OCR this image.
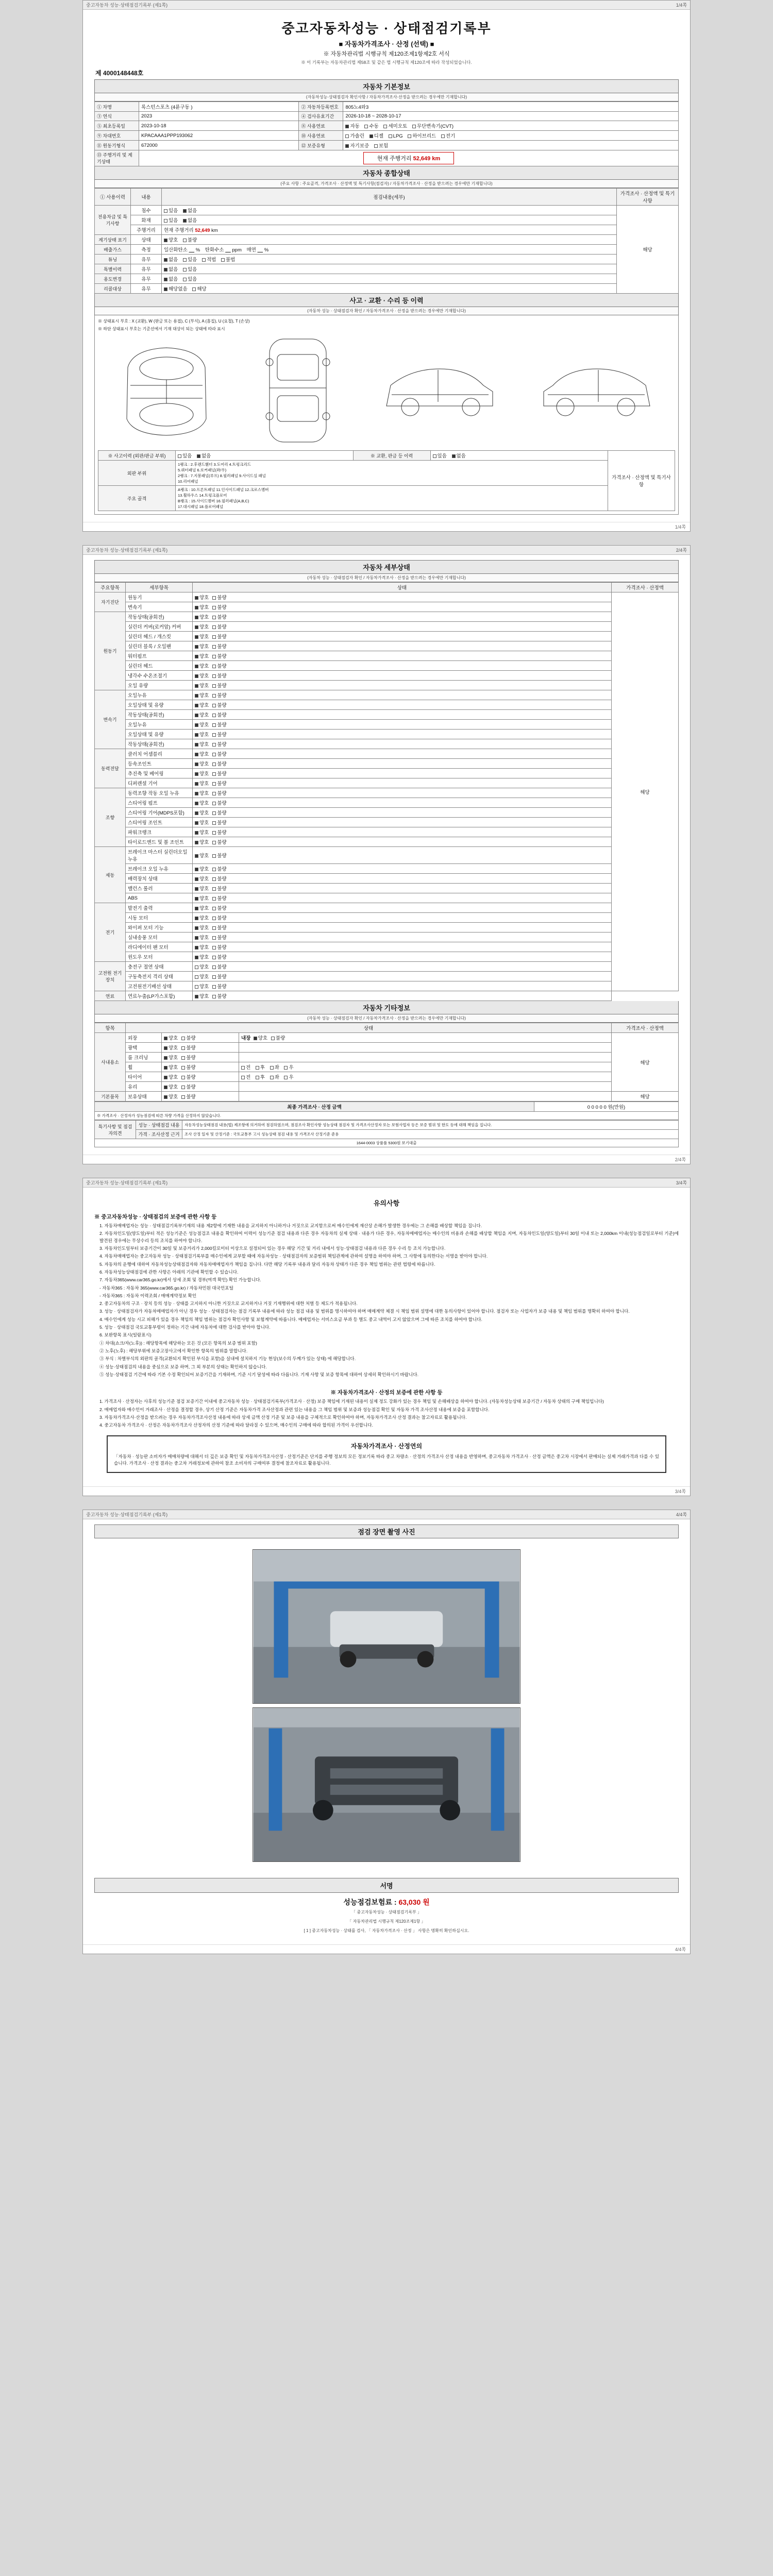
중고자동차 성능·상태점검기록부 (제1쪽)	1/4쪽
중고자동차성능 · 상태점검기록부
■ 자동차가격조사 · 산정 (선택) ■
※ 자동차관리법 시행규칙 제120조제1항제2호 서식
※ 이 기록부는 자동차관리법 제58조 및 같은 법 시행규칙 제120조에 따라 작성되었습니다.
제 4000148448호
자동차 기본정보
(자동차성능·상태점검자 확인사항 / 자동차가격조사·산정을 받으려는 경우에만 기재합니다)
① 차명	록스턴스포츠 (4륜구동 )	② 자동차등록번호	805노4와3
③ 연식	2023	④ 검사유효기간	2026-10-18 ~ 2028-10-17
⑤ 최초등록일	2023-10-18	⑧ 사용연료	자동 수동 세미오토 무단변속기(CVT)
⑨ 차대번호	KPACAAA1PPP193062	⑩ 사용연료	가솔린 디젤 LPG 하이브리드 전기
⑪ 원동기형식	672000	⑫ 보증유형	자기보증 보험
⑬ 주행거리 및 계기상태	현재 주행거리 52,649 km		
자동차 종합상태
(주요 사항 : 주요골격, 가격조사 · 산정액 및 특기사항(점검자) / 자동차가격조사 · 산정을 받으려는 경우에만 기재합니다)
① 사용이력	내용	점검내용(세부)	가격조사 · 산정액 및 특기사항
전용차급 및 특기사항	침수	있음 없음	해당
	화재	있음 없음	
	주행거리	현재 주행거리 52,649 km	
계기상태 표기	상태	양호 불량	
배출가스	측정	일산화탄소      % 탄화수소      ppm 매연      %	
튜닝	유무	없음 있음 적법 불법	
특별이력	유무	없음 있음	
용도변경	유무	없음 있음	
리콜대상	유무	해당없음 해당	
사고 · 교환 · 수리 등 이력
(자동차 성능 · 상태점검자 확인 / 자동차가격조사 · 산정을 받으려는 경우에만 기재합니다)
※ 상태표시 부호 : X (교환), W (판금 또는 용접), C (부식), A (흠집), U (요철), T (손상)
※ 하단 상태표시 부호는 기준선에서 기재 대상이 되는 상태에 따라 표시
※ 사고이력 (외판/판금 부위)	있음 없음	※ 교환, 판금 등 이력	있음 없음	가격조사 · 산정액 및 특기사항
외판 부위	1랭크 : 2.후렌드휀더 3.도어리 4.트렁크리드
5.쿼터패널 6.로커패널(좌/우)
2랭크 : 7.지붕패널(루프) 8.필러패널 9.사이드실 패널
10.리어패널			

주요 골격	A랭크 : 10.프론트패널 11.인사이드패널 12.크로스멤버
13.휠하우스 14.트렁크플로어
B랭크 : 15.사이드멤버 16.필러패널(A,B,C)
17.대시패널 18.플로어패널			
1/4쪽
중고자동차 성능·상태점검기록부 (제1쪽)	2/4쪽
자동차 세부상태
(자동차 성능 · 상태점검자 확인 / 자동차가격조사 · 산정을 받으려는 경우에만 기재합니다)
주요항목	세부항목	상태	가격조사 · 산정액
자기진단	원동기	양호 불량	해당
	변속기	양호 불량	
원동기	작동상태(공회전)	양호 불량	
	실린더 커버(로커암) 커버	양호 불량	
	실린더 헤드 / 개스킷	양호 불량	
	실린더 블록 / 오일팬	양호 불량	
	워터펌프	양호 불량	
	실린더 헤드	양호 불량	
	냉각수 수온조절기	양호 불량	
	오일 유량	양호 불량	
변속기	오일누유	양호 불량	
	오일상태 및 유량	양호 불량	
	작동상태(공회전)	양호 불량	
	오일누유	양호 불량	
	오일상태 및 유량	양호 불량	
	작동상태(공회전)	양호 불량	
동력전달	클러치 어셈블리	양호 불량	
	등속조인트	양호 불량	
	추진축 및 베어링	양호 불량	
	디퍼렌셜 기어	양호 불량	
조향	동력조향 작동 오일 누유	양호 불량	
	스티어링 펌프	양호 불량	
	스티어링 기어(MDPS포함)	양호 불량	
	스티어링 조인트	양호 불량	
	파워크랭크	양호 불량	
	타이로드엔드 및 볼 조인트	양호 불량	
제동	브레이크 마스터 실린더오일 누유	양호 불량	
	브레이크 오일 누유	양호 불량	
	배력장치 상태	양호 불량	
	밸런스 롤러	양호 불량	
	ABS	양호 불량	
전기	발전기 출력	양호 불량	
	시동 모터	양호 불량	
	와이퍼 모터 기능	양호 불량	
	실내송풍 모터	양호 불량	
	라디에이터 팬 모터	양호 불량	
	윈도우 모터	양호 불량	
고전원 전기장치	충전구 절연 상태	양호 불량	
	구동축전지 격리 상태	양호 불량	
	고전원전기배선 상태	양호 불량	
연료	연료누출(LP가스포함)	양호 불량	
자동차 기타정보
(자동차 성능 · 상태점검자 확인 / 자동차가격조사 · 산정을 받으려는 경우에만 기재합니다)
항목	상태			가격조사 · 산정액
사내용소	외장	양호 불량	내장 양호 불량	해당
	광택	양호 불량		
	룸 크리닝	양호 불량		
	휠	양호 불량	전 후 좌 우	
	타이어	양호 불량	전 후 좌 우	
	유리	양호 불량		
기본품목	보유상태	양호 불량		해당
최종 가격조사 · 산정 금액	0 0 0 0 0 원(만원)
※ 가격조사 · 산정자가 성능점검에 따른 차량 가격을 산정하지 않았습니다.
특기사항 및 점검자의견	성능 · 상태점검 내용	자동차성능상태점검 내용(법) 제조항에 의거하여 점검하였으며, 점검조사 확인사항 성능상태 점검자 및 가격조사산정자 또는 보험사업자 등은 보증 범위 및 한도 등에 대해 책임을 집니다.
	가격 · 조사산정 근거	조사 산정 일자 및 산정기준 : 국토교통부 고시 성능상태 점검 내용 및 가격조사 산정기준 준용
1644-0003 상품품 5300원 보기대출		
2/4쪽
중고자동차 성능·상태점검기록부 (제1쪽)	3/4쪽
유의사항
※ 중고자동차성능 · 상태점검의 보증에 관한 사항 등
1. 자동차매매업자는 성능 · 상태점검기록부기재의 내용 제2항에 기재한 내용을 교지하지 아니하거나 거짓으로 교지함으로써 매수인에게 재산상 손해가 발생한 경우에는 그 손해를 배상할 책임을 집니다.
2. 자동차인도일(양도일)부터 적은 성능기준은 성능점검조 내용을 확인하여 이력이 성능기준 점검 내용과 다른 경우 자동차의 실제 상태 · 내용가 다른 경우, 자동차매매업자는 매수인의 비용과 손해를 배상할 책임을 지며, 자동차인도일(양도일)부터 30일 이내 또는 2,000km 이내(성능점검일로부터 기준)에 발견된 경우에는 무상수리 등의 조치를 하여야 합니다.
3. 자동차인도일부터 보증기간이 30일 및 보증거리가 2,000킬로미터 이상으로 설정되어 있는 경우 해당 기간 및 거리 내에서 성능·상태점검 내용과 다른 경우 수리 등 조치 가능합니다.
4. 자동차매매업자는 중고자동차 성능 · 상태점검기록부를 매수인에게 교부할 때에 자동차성능 · 상태점검자의 보증범위 책임관계에 관하여 설명을 하여야 하며, 그 사항에 동의한다는 서명을 받아야 합니다.
5. 자동차의 운행에 대하여 자동차성능상태점검자와 자동차매매업자가 책임을 집니다. 다만 해당 기록부 내용과 달리 자동차 상태가 다른 경우 책임 범위는 관련 법령에 따릅니다.
6. 자동차성능상태점검에 관한 사항은 아래의 기관에 확인할 수 있습니다.
7. 자동차365(www.car365.go.kr)에서 상세 조회 및 경부(여객 확인) 확인 가능합니다.
- 자동차365 : 자동차 365(www.car365.go.kr) / 자동차민원 대국민포털
- 자동차365 : 자동차 이력조회 / 매매계약정보 확인
2. 중고자동차의 구조 · 장치 등의 성능 · 상태를 고지하지 아니한 거짓으로 교지하거나 거짓 기재행위에 대한 처벌 등 제도가 적용됩니다.
3. 성능 · 상태점검자가 자동차매매업자가 아닌 경우 성능 · 상태점검자는 점검 기록부 내용에 따라 성능 점검 내용 및 범위를 명시하여야 하며 매매계약 체결 시 책임 범위 설명에 대한 동의사항이 있어야 합니다. 점검자 또는 사업자가 보증 내용 및 책임 범위를 명확히 하여야 합니다.
4. 매수인에게 성능 시고 피해가 있을 경우 책임의 책임 범위는 점검자 확인사항 및 보험계약에 따릅니다. 매매업자는 서비스요금 부과 등 별도 중고 내역이 고지 않았으며 그에 따른 조치를 하여야 합니다.
5. 성능 · 상태점검 국토교통부령이 정하는 기간 내에 자동차에 대한 검사를 받아야 합니다.
6. 보완항목 표시(일람표시)
① 차대(쇼크/자(노후)) : 해당항목에 해당하는 모든 것 (모든 항목의 보증 범위 포함)
② 노후(노후) : 해당부위에 보증고장사고에서 확인한 항목의 범위를 말합니다.
③ 부식 : 차별부식의 외판의 골격(교환되지 확인된 부식을 포함)을 실내에 설치하지 기능 현상(보수의 두께가 있는 상태) 에 해당합니다.
④ 성능·상태점검의 내용을 중심으로 보증 하며, 그 외 부분의 상태는 확인하지 않습니다.
⑤ 성능·상태점검 기간에 따라 기본 수정 확인되어 보증기간을 기재하며, 기준 시기 달성에 따라 다릅니다. 기재 사항 및 보증 항목에 대하여 상세히 확인하시기 바랍니다.
※ 자동차가격조사 · 산정의 보증에 관한 사항 등
1. 가격조사 · 산정자는 사후의 성능기준 점검 보증기간 이내에 중고자동차 성능 · 상태점검기록부(가격조사 · 산정) 보증 책임에 기재된 내용이 실제 정도 강화가 있는 경우 책임 및 손해배상을 하여야 합니다. (자동차성능상태 보증기간 / 자동차 상태의 구매 책임입니다)
2. 매매업자와 매수인이 거래조사 · 산정을 결정할 경우, 상기 산정 기준은 자동차가격 조사산정과 관련 있는 내용을 그 책임 범위 및 보증과 성능점검 확인 및 자동차 가격 조사산정 내용에 보증을 포함합니다.
3. 자동차가격조사·산정을 받으려는 경우 자동차가격조사산정 내용에 따라 상세 금액 산정 기준 및 보증 내용을 구체적으로 확인하여야 하며, 자동차가격조사 산정 결과는 참고자료로 활용됩니다.
4. 중고자동차 가격조사 · 산정은 자동차가격조사 산정자의 산정 기준에 따라 달라질 수 있으며, 매수인의 구매에 따라 합의된 가격이 우선합니다.
자동차가격조사 · 산정연의
「자동차 · 성능판 소비자가 매매차량에 대해서 더 깊은 보증 확인 및 자동차가격조사산정 - 산정기준은 단지를 주행 정보의 모든 정보기록 따라 중고 차량소 · 산정의 가격조사 산정 내용을 반영하며, 중고자동차 가격조사 · 산정 금액은 중고차 시장에서 판매되는 실제 거래가격과 다를 수 있습니다. 가격조사 · 산정 결과는 중고차 거래정보에 관하여 참조 소비자의 구매여부 결정에 참조자료로 활용됩니다.
3/4쪽
중고자동차 성능·상태점검기록부 (제1쪽)	4/4쪽
점검 장면 촬영 사진
서명
성능점검보험료 : 63,030 원
「 중고자동차성능 · 상태점검기록부 」
「 자동차관리법 시행규칙 제120조제1항 」
[ 1 ] 중고자동차성능 · 상태를 검사, 「 자동차가격조사 · 산정 」 사항은 명확히 확인하십시오.
4/4쪽
